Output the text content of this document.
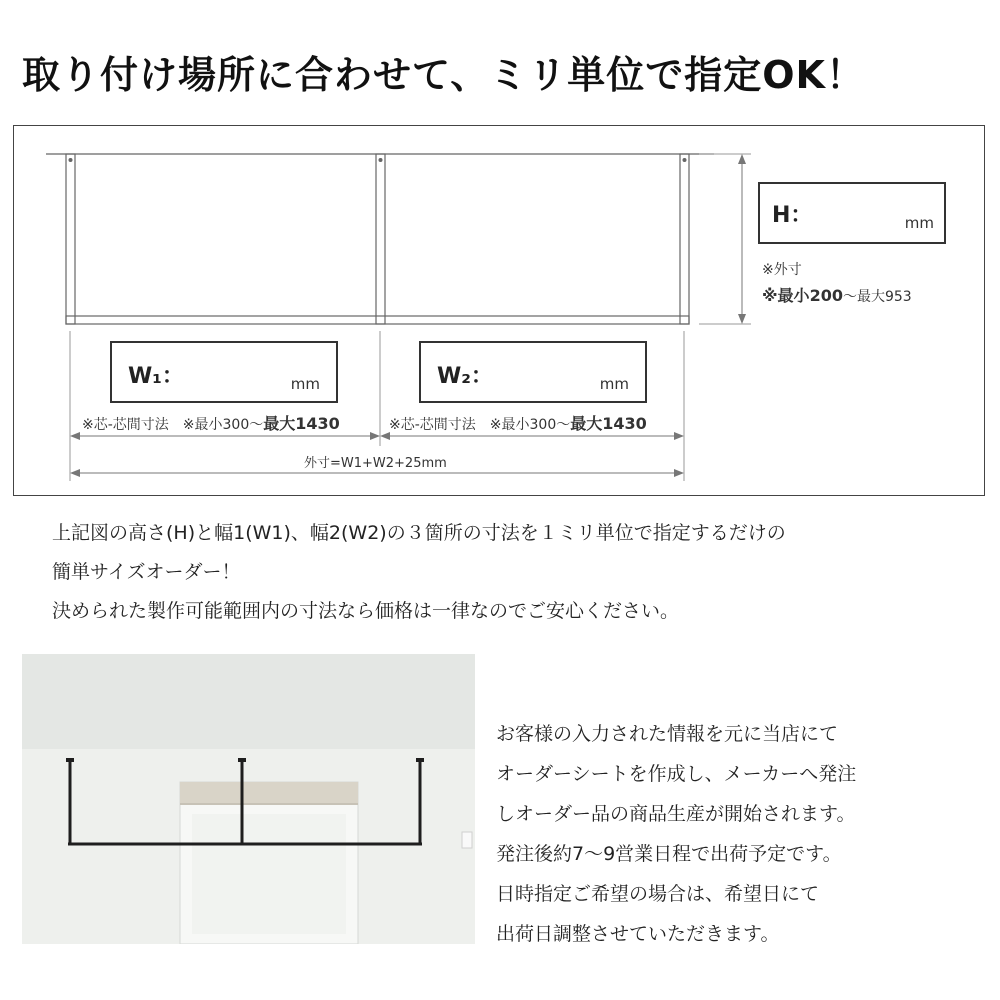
取り付け場所に合わせて、ミリ単位で指定OK！
H：	mm
※外寸
※最小200〜最大953
W₁：	mm	W₂：	mm
※芯-芯間寸法　※最小300〜最大1430	※芯-芯間寸法　※最小300〜最大1430
外寸=W1+W2+25mm
上記図の高さ(H)と幅1(W1)、幅2(W2)の３箇所の寸法を１ミリ単位で指定するだけの
簡単サイズオーダー！
決められた製作可能範囲内の寸法なら価格は一律なのでご安心ください。
お客様の入力された情報を元に当店にて
オーダーシートを作成し、メーカーへ発注
しオーダー品の商品生産が開始されます。
発注後約7〜9営業日程で出荷予定です。
日時指定ご希望の場合は、希望日にて
出荷日調整させていただきます。
